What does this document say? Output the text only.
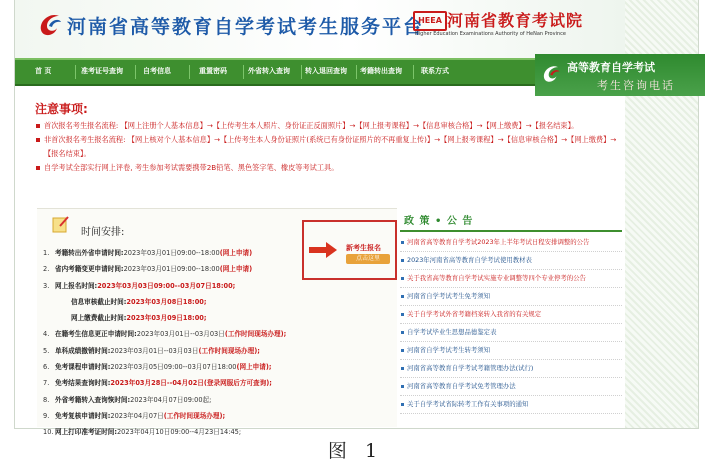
河南省高等教育自学考试考生服务平台
HEEA 河南省教育考试院
Higher Education Examinations Authority of HeNan Province
首 页	准考证号查询	自考信息	重置密码	外省转入查询 转入退回查询 考籍转出查询	联系方式	高等教育自学考试
考生咨询电话
注意事项:
首次报名考生报名流程: 【网上注册个人基本信息】→【上传考生本人照片、身份证正反面照片】→【网上报考课程】→【信息审核合格】→【网上缴费】→【报名结束】。
非首次报名考生报名流程: 【网上核对个人基本信息】→【上传考生本人身份证照片(系统已有身份证照片的不再重复上传)】→【网上报考课程】→【信息审核合格】→【网上缴费】→【报名结束】。
自学考试全部实行网上评卷, 考生参加考试需要携带2B铅笔、黑色签字笔、橡皮等考试工具。
时间安排:
1. 考籍转出外省申请时间:2023年03月01日09:00--18:00(网上申请)
2. 省内考籍变更申请时间:2023年03月01日09:00--18:00(网上申请)
3. 网上报名时间:2023年03月03日09:00--03月07日18:00;
信息审核截止时间:2023年03月08日18:00;
网上缴费截止时间:2023年03月09日18:00;
4. 在籍考生信息更正申请时间:2023年03月01日--03月03日(工作时间现场办理);
5. 单科成绩撤销时间:2023年03月01日--03月03日(工作时间现场办理);
6. 免考课程申请时间:2023年03月05日09:00--03月07日18:00(网上申请);
7. 免考结果查询时间:2023年03月28日--04月02日(登录网服后方可查询);
8. 外省考籍转入查询恢时间:2023年04月07日09:00起;
9. 免考复核申请时间:2023年04月07日(工作时间现场办理);
10. 网上打印准考证时间:2023年04月10日09:00--4月23日14:45;
新考生报名
点击这里
政 策 • 公 告
河南省高等教育自学考试2023年上半年考试日程安排调整的公告
2023年河南省高等教育自学考试使用教材表
关于我省高等教育自学考试实施专业调整等四个专业停考的公告
河南省自学考试考生免考须知
关于自学考试外省考籍档案转入我省的有关规定
自学考试毕业生思想品德鉴定表
河南省自学考试考生转考须知
河南省高等教育自学考试考籍管理办法(试行)
河南省高等教育自学考试免考管理办法
关于自学考试省际转考工作有关事项的通知
图 1
